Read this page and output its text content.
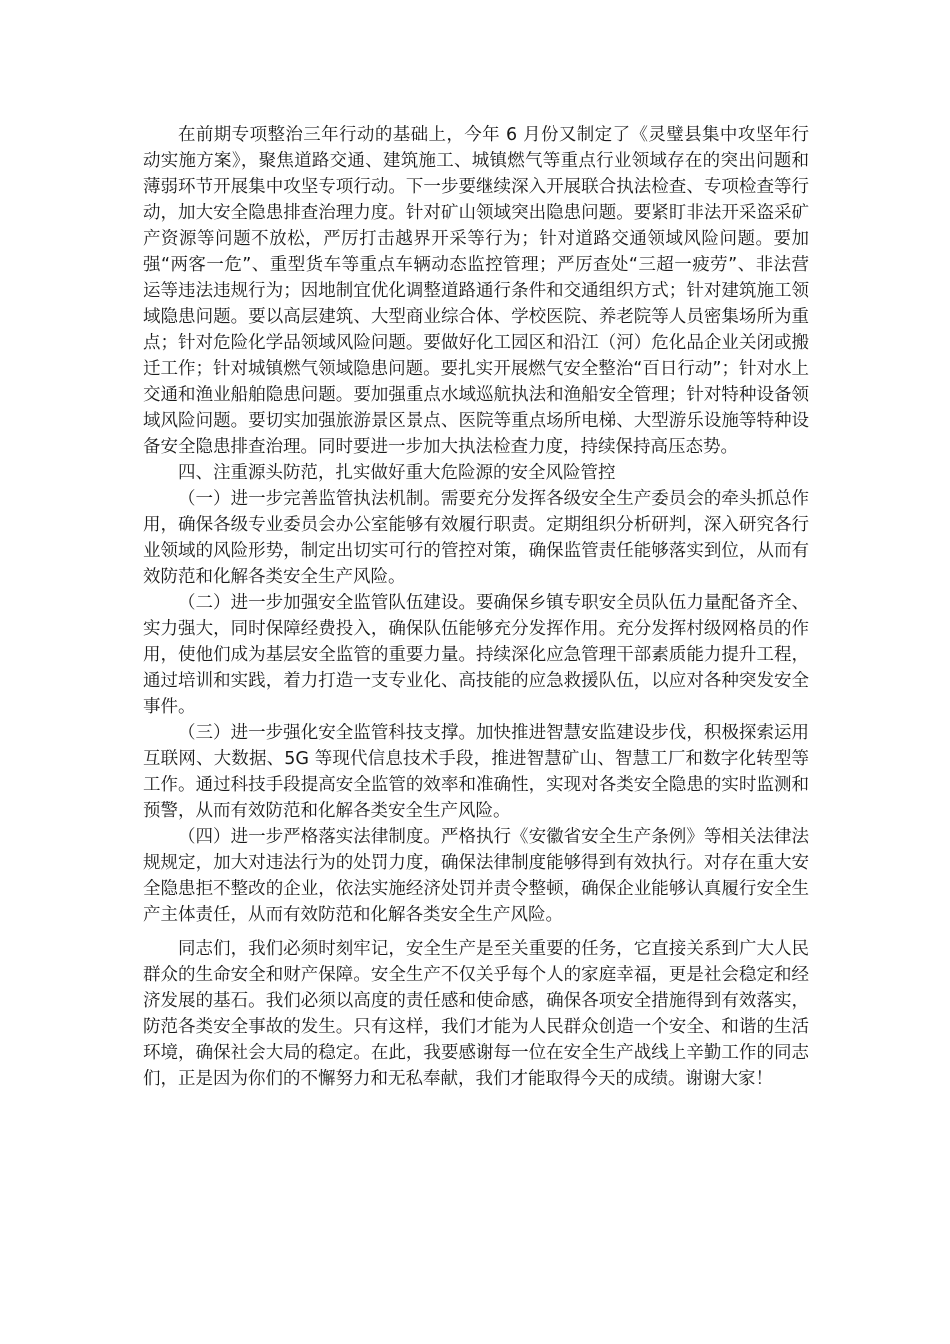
在前期专项整治三年行动的基础上，今年 6 月份又制定了《灵璧县集中攻坚年行动实施方案》，聚焦道路交通、建筑施工、城镇燃气等重点行业领域存在的突出问题和薄弱环节开展集中攻坚专项行动。下一步要继续深入开展联合执法检查、专项检查等行动，加大安全隐患排查治理力度。针对矿山领域突出隐患问题。要紧盯非法开采盗采矿产资源等问题不放松，严厉打击越界开采等行为；针对道路交通领域风险问题。要加强“两客一危”、重型货车等重点车辆动态监控管理；严厉查处“三超一疲劳”、非法营运等违法违规行为；因地制宜优化调整道路通行条件和交通组织方式；针对建筑施工领域隐患问题。要以高层建筑、大型商业综合体、学校医院、养老院等人员密集场所为重点；针对危险化学品领域风险问题。要做好化工园区和沿江（河）危化品企业关闭或搬迁工作；针对城镇燃气领域隐患问题。要扎实开展燃气安全整治“百日行动”；针对水上交通和渔业船舶隐患问题。要加强重点水域巡航执法和渔船安全管理；针对特种设备领域风险问题。要切实加强旅游景区景点、医院等重点场所电梯、大型游乐设施等特种设备安全隐患排查治理。同时要进一步加大执法检查力度，持续保持高压态势。

四、注重源头防范，扎实做好重大危险源的安全风险管控

（一）进一步完善监管执法机制。需要充分发挥各级安全生产委员会的牵头抓总作用，确保各级专业委员会办公室能够有效履行职责。定期组织分析研判，深入研究各行业领域的风险形势，制定出切实可行的管控对策，确保监管责任能够落实到位，从而有效防范和化解各类安全生产风险。

（二）进一步加强安全监管队伍建设。要确保乡镇专职安全员队伍力量配备齐全、实力强大，同时保障经费投入，确保队伍能够充分发挥作用。充分发挥村级网格员的作用，使他们成为基层安全监管的重要力量。持续深化应急管理干部素质能力提升工程，通过培训和实践，着力打造一支专业化、高技能的应急救援队伍，以应对各种突发安全事件。

（三）进一步强化安全监管科技支撑。加快推进智慧安监建设步伐，积极探索运用互联网、大数据、5G 等现代信息技术手段，推进智慧矿山、智慧工厂和数字化转型等工作。通过科技手段提高安全监管的效率和准确性，实现对各类安全隐患的实时监测和预警，从而有效防范和化解各类安全生产风险。

（四）进一步严格落实法律制度。严格执行《安徽省安全生产条例》等相关法律法规规定，加大对违法行为的处罚力度，确保法律制度能够得到有效执行。对存在重大安全隐患拒不整改的企业，依法实施经济处罚并责令整顿，确保企业能够认真履行安全生产主体责任，从而有效防范和化解各类安全生产风险。

同志们，我们必须时刻牢记，安全生产是至关重要的任务，它直接关系到广大人民群众的生命安全和财产保障。安全生产不仅关乎每个人的家庭幸福，更是社会稳定和经济发展的基石。我们必须以高度的责任感和使命感，确保各项安全措施得到有效落实，防范各类安全事故的发生。只有这样，我们才能为人民群众创造一个安全、和谐的生活环境，确保社会大局的稳定。在此，我要感谢每一位在安全生产战线上辛勤工作的同志们，正是因为你们的不懈努力和无私奉献，我们才能取得今天的成绩。谢谢大家！
